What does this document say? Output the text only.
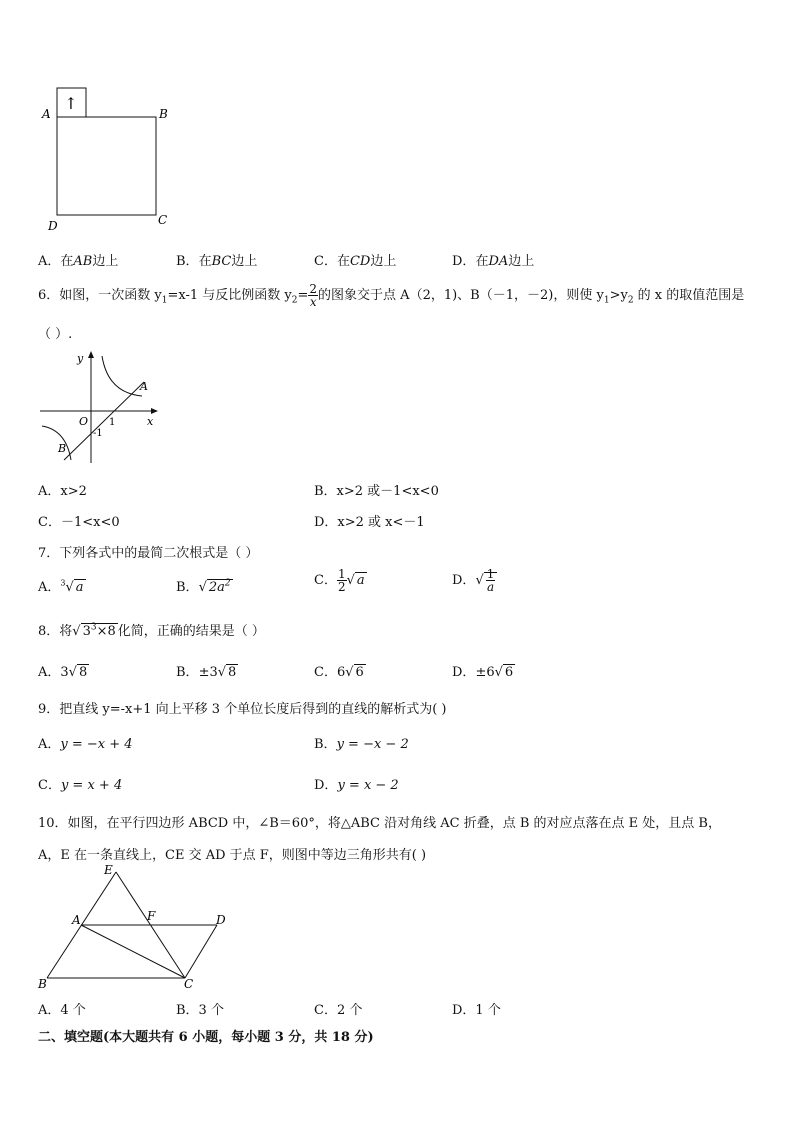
↑
A	B
D	C
A．在AB边上	B．在BC边上	C．在CD边上	D．在DA边上
6．如图，一次函数 $y_1=x-1$ 与反比例函数 $y_2= \frac{2}{x}$ 的图象交于点 A（2，1)、B（－1，－2)，则使 $y_1>y_2$ 的 x 的取值范围是
（ ）.
y
x
O 1
-1
A
B
A．x>2	B．x>2 或－1<x<0
C．－1<x<0	D．x>2 或 x<－1
7．下列各式中的最简二次根式是（ ）
A．$^3$√ a	B．√ $2a^2$	C． $\frac{1}{2}$ √ a	D．√ $\frac{1}{a}$
8．将√ $3^3\times 8$ 化简，正确的结果是（ ）
A．3√ 8	B．±3√ 8	C．6√ 6	D．±6√ 6
9．把直线 y=-x+1 向上平移 3 个单位长度后得到的直线的解析式为( )
A．y = −x + 4	B．y = −x − 2
C．y = x + 4	D．y = x − 2
10．如图，在平行四边形 ABCD 中，∠B＝60°，将△ABC 沿对角线 AC 折叠，点 B 的对应点落在点 E 处，且点 B，
A，E 在一条直线上，CE 交 AD 于点 F，则图中等边三角形共有( )
E
A	F	D
B	C
A．4 个	B．3 个	C．2 个	D．1 个
二、填空题(本大题共有 6 小题，每小题 3 分，共 18 分)
